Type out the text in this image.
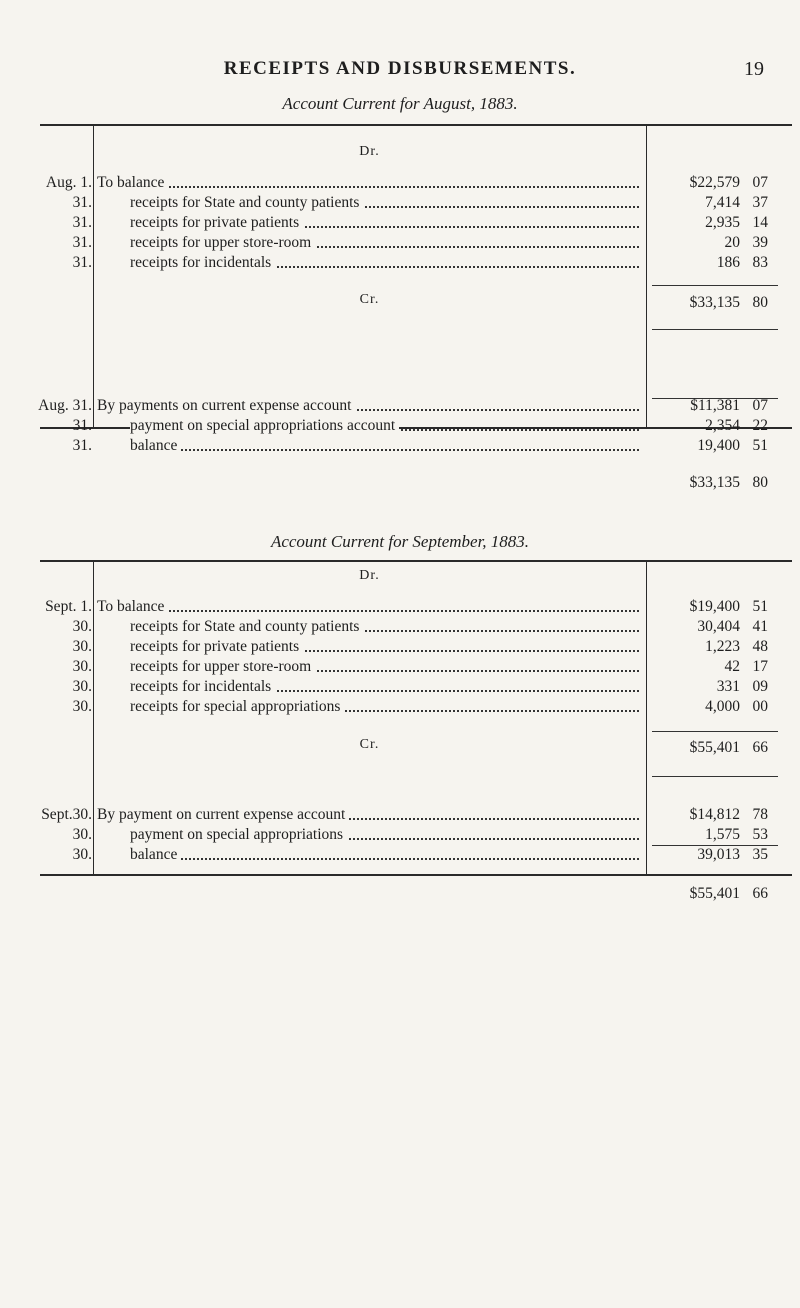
RECEIPTS AND DISBURSEMENTS.	19
Account Current for August, 1883.
Dr.
Cr.
Account Current for September, 1883.
Dr.
Cr.
Aug. 1. To balance	$22,579 07
31. receipts for State and county patients	7,414 37
31. receipts for private patients	2,935 14
31. receipts for upper store-room	20 39
31. receipts for incidentals	186 83
$33,135 80
Aug. 31. By payments on current expense account	$11,381 07
31. payment on special appropriations account	2,354 22
31. balance	19,400 51
$33,135 80
Sept. 1. To balance	$19,400 51
30. receipts for State and county patients	30,404 41
30. receipts for private patients	1,223 48
30. receipts for upper store-room	42 17
30. receipts for incidentals	331 09
30. receipts for special appropriations	4,000 00
$55,401 66
Sept.30. By payment on current expense account	$14,812 78
30. payment on special appropriations	1,575 53
30. balance	39,013 35
$55,401 66
